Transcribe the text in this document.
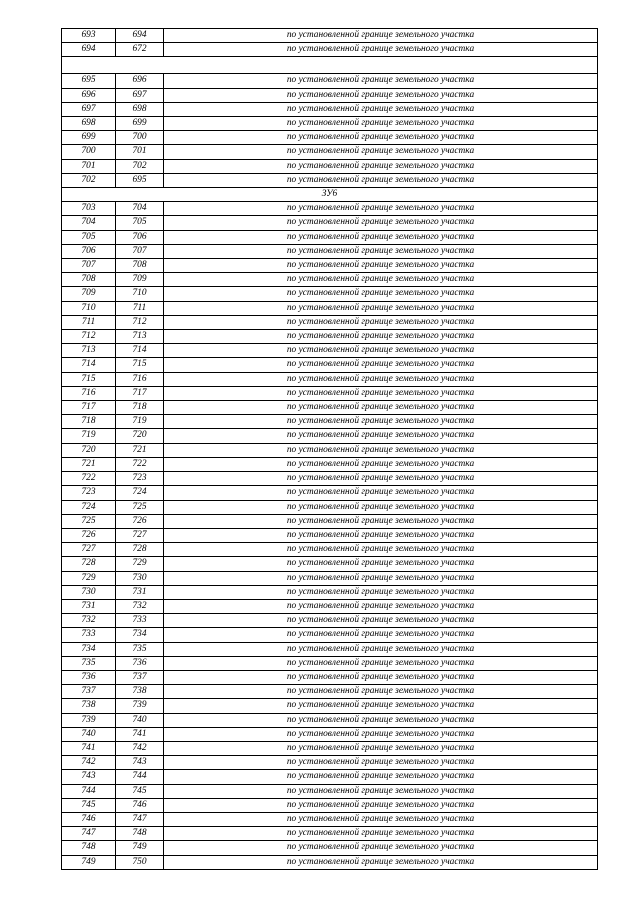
693	694	по установленной границе земельного участка
694	672	по установленной границе земельного участка

695	696	по установленной границе земельного участка
696	697	по установленной границе земельного участка
697	698	по установленной границе земельного участка
698	699	по установленной границе земельного участка
699	700	по установленной границе земельного участка
700	701	по установленной границе земельного участка
701	702	по установленной границе земельного участка
702	695	по установленной границе земельного участка
ЗУ6		
703	704	по установленной границе земельного участка
704	705	по установленной границе земельного участка
705	706	по установленной границе земельного участка
706	707	по установленной границе земельного участка
707	708	по установленной границе земельного участка
708	709	по установленной границе земельного участка
709	710	по установленной границе земельного участка
710	711	по установленной границе земельного участка
711	712	по установленной границе земельного участка
712	713	по установленной границе земельного участка
713	714	по установленной границе земельного участка
714	715	по установленной границе земельного участка
715	716	по установленной границе земельного участка
716	717	по установленной границе земельного участка
717	718	по установленной границе земельного участка
718	719	по установленной границе земельного участка
719	720	по установленной границе земельного участка
720	721	по установленной границе земельного участка
721	722	по установленной границе земельного участка
722	723	по установленной границе земельного участка
723	724	по установленной границе земельного участка
724	725	по установленной границе земельного участка
725	726	по установленной границе земельного участка
726	727	по установленной границе земельного участка
727	728	по установленной границе земельного участка
728	729	по установленной границе земельного участка
729	730	по установленной границе земельного участка
730	731	по установленной границе земельного участка
731	732	по установленной границе земельного участка
732	733	по установленной границе земельного участка
733	734	по установленной границе земельного участка
734	735	по установленной границе земельного участка
735	736	по установленной границе земельного участка
736	737	по установленной границе земельного участка
737	738	по установленной границе земельного участка
738	739	по установленной границе земельного участка
739	740	по установленной границе земельного участка
740	741	по установленной границе земельного участка
741	742	по установленной границе земельного участка
742	743	по установленной границе земельного участка
743	744	по установленной границе земельного участка
744	745	по установленной границе земельного участка
745	746	по установленной границе земельного участка
746	747	по установленной границе земельного участка
747	748	по установленной границе земельного участка
748	749	по установленной границе земельного участка
749	750	по установленной границе земельного участка
